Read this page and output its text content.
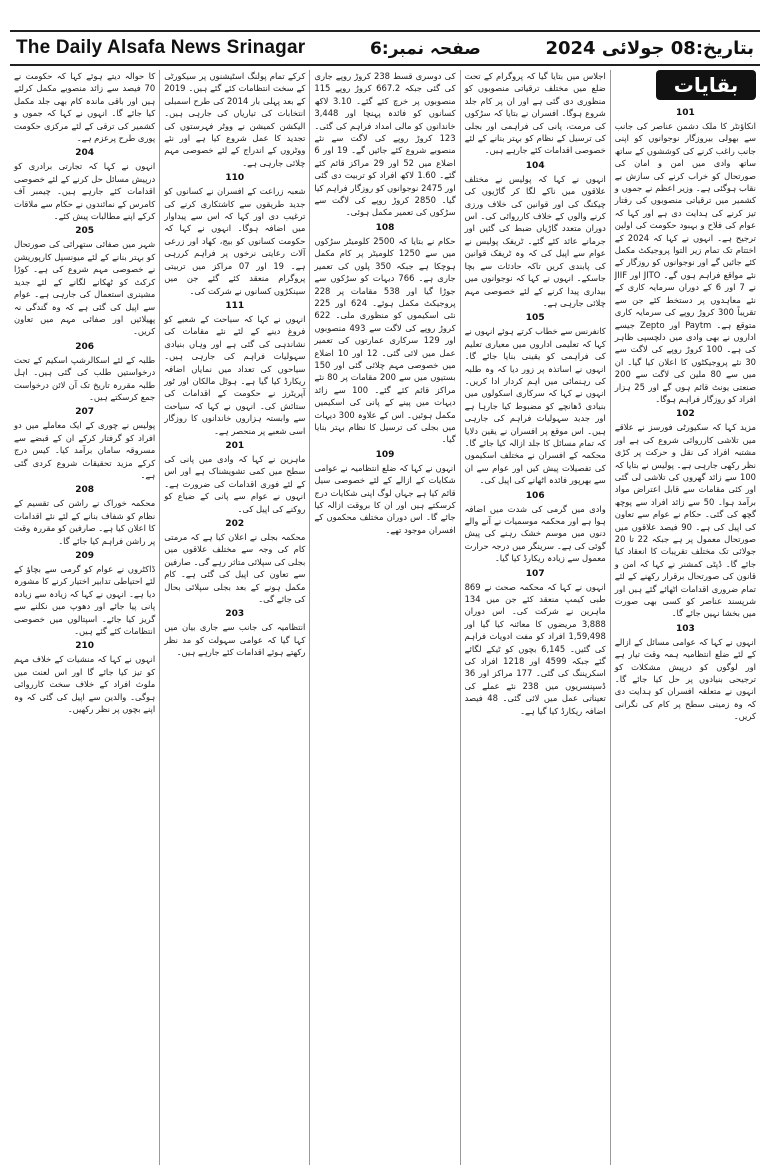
The Daily Alsafa News Srinagar	صفحہ نمبر:6	بتاریخ:08 جولائی 2024
101

انکاؤنٹر کا ملک دشمن عناصر کی جانب سے بھولی بیروزگار نوجوانوں کو اپنی جانب راغب کرنے کی کوششوں کے ساتھ ساتھ وادی میں امن و امان کی صورتحال کو خراب کرنے کی سازش بے نقاب ہوگئی ہے۔ وزیر اعظم نے جموں و کشمیر میں ترقیاتی منصوبوں کی رفتار تیز کرنے کی ہدایت دی ہے اور کہا کہ عوام کی فلاح و بہبود حکومت کی اولین ترجیح ہے۔ انہوں نے کہا کہ 2024 کے اختتام تک تمام زیر التوا پروجیکٹ مکمل کئے جائیں گے اور نوجوانوں کو روزگار کے نئے مواقع فراہم ہوں گے۔ JITO اور JIIF نے 7 اور 6 کے دوران سرمایہ کاری کے نئے معاہدوں پر دستخط کئے جن سے تقریباً 300 کروڑ روپے کی سرمایہ کاری متوقع ہے۔ Paytm اور Zepto جیسے اداروں نے بھی وادی میں دلچسپی ظاہر کی ہے۔ 100 کروڑ روپے کی لاگت سے 30 نئے پروجیکٹوں کا اعلان کیا گیا۔ ان میں سے 80 ملین کی لاگت سے 200 صنعتی یونٹ قائم ہوں گے اور 25 ہزار افراد کو روزگار فراہم ہوگا۔

102

مزید کہا کہ سکیورٹی فورسز نے علاقے میں تلاشی کارروائی شروع کی ہے اور مشتبہ افراد کی نقل و حرکت پر کڑی نظر رکھی جارہی ہے۔ پولیس نے بتایا کہ 100 سے زائد گھروں کی تلاشی لی گئی اور کئی مقامات سے قابل اعتراض مواد برآمد ہوا۔ 50 سے زائد افراد سے پوچھ گچھ کی گئی۔ حکام نے عوام سے تعاون کی اپیل کی ہے۔ 90 فیصد علاقوں میں صورتحال معمول پر ہے جبکہ 22 تا 20 جولائی تک مختلف تقریبات کا انعقاد کیا جائے گا۔ ڈپٹی کمشنر نے کہا کہ امن و قانون کی صورتحال برقرار رکھنے کے لئے تمام ضروری اقدامات اٹھائے گئے ہیں اور شرپسند عناصر کو کسی بھی صورت میں بخشا نہیں جائے گا۔

103

انہوں نے کہا کہ عوامی مسائل کے ازالے کے لئے ضلع انتظامیہ ہمہ وقت تیار ہے اور لوگوں کو درپیش مشکلات کو ترجیحی بنیادوں پر حل کیا جائے گا۔ انہوں نے متعلقہ افسران کو ہدایت دی کہ وہ زمینی سطح پر کام کی نگرانی کریں۔

اجلاس میں بتایا گیا کہ پروگرام کے تحت ضلع میں مختلف ترقیاتی منصوبوں کو منظوری دی گئی ہے اور ان پر کام جلد شروع ہوگا۔ افسران نے بتایا کہ سڑکوں کی مرمت، پانی کی فراہمی اور بجلی کی ترسیل کے نظام کو بہتر بنانے کے لئے خصوصی اقدامات کئے جارہے ہیں۔

104

انہوں نے کہا کہ پولیس نے مختلف علاقوں میں ناکے لگا کر گاڑیوں کی چیکنگ کی اور قوانین کی خلاف ورزی کرنے والوں کے خلاف کارروائی کی۔ اس دوران متعدد گاڑیاں ضبط کی گئیں اور جرمانے عائد کئے گئے۔ ٹریفک پولیس نے عوام سے اپیل کی کہ وہ ٹریفک قوانین کی پابندی کریں تاکہ حادثات سے بچا جاسکے۔ انہوں نے کہا کہ نوجوانوں میں بیداری پیدا کرنے کے لئے خصوصی مہم چلائی جارہی ہے۔

105

کانفرنس سے خطاب کرتے ہوئے انہوں نے کہا کہ تعلیمی اداروں میں معیاری تعلیم کی فراہمی کو یقینی بنایا جائے گا۔ انہوں نے اساتذہ پر زور دیا کہ وہ طلبہ کی رہنمائی میں اہم کردار ادا کریں۔ انہوں نے کہا کہ سرکاری اسکولوں میں بنیادی ڈھانچے کو مضبوط کیا جارہا ہے اور جدید سہولیات فراہم کی جارہی ہیں۔ اس موقع پر افسران نے یقین دلایا کہ تمام مسائل کا جلد ازالہ کیا جائے گا۔ محکمہ کے افسران نے مختلف اسکیموں کی تفصیلات پیش کیں اور عوام سے ان سے بھرپور فائدہ اٹھانے کی اپیل کی۔

106

وادی میں گرمی کی شدت میں اضافہ ہوا ہے اور محکمہ موسمیات نے آنے والے دنوں میں موسم خشک رہنے کی پیش گوئی کی ہے۔ سرینگر میں درجہ حرارت معمول سے زیادہ ریکارڈ کیا گیا۔

107

انہوں نے کہا کہ محکمہ صحت نے 869 طبی کیمپ منعقد کئے جن میں 134 ماہرین نے شرکت کی۔ اس دوران 3,888 مریضوں کا معائنہ کیا گیا اور 1,59,498 افراد کو مفت ادویات فراہم کی گئیں۔ 6,145 بچوں کو ٹیکے لگائے گئے جبکہ 4599 اور 1218 افراد کی اسکریننگ کی گئی۔ 177 مراکز اور 36 ڈسپنسریوں میں 238 نئے عملے کی تعیناتی عمل میں لائی گئی۔ 48 فیصد اضافہ ریکارڈ کیا گیا ہے۔

کی دوسری قسط 238 کروڑ روپے جاری کی گئی جبکہ 667.2 کروڑ روپے 115 منصوبوں پر خرچ کئے گئے۔ 3.10 لاکھ کسانوں کو فائدہ پہنچا اور 3,448 خاندانوں کو مالی امداد فراہم کی گئی۔ 123 کروڑ روپے کی لاگت سے نئے منصوبے شروع کئے جائیں گے۔ 19 اور 6 اضلاع میں 52 اور 29 مراکز قائم کئے گئے۔ 1.60 لاکھ افراد کو تربیت دی گئی اور 2475 نوجوانوں کو روزگار فراہم کیا گیا۔ 2850 کروڑ روپے کی لاگت سے سڑکوں کی تعمیر مکمل ہوئی۔

108

حکام نے بتایا کہ 2500 کلومیٹر سڑکوں میں سے 1250 کلومیٹر پر کام مکمل ہوچکا ہے جبکہ 350 پلوں کی تعمیر جاری ہے۔ 766 دیہات کو سڑکوں سے جوڑا گیا اور 538 مقامات پر 228 پروجیکٹ مکمل ہوئے۔ 624 اور 225 نئی اسکیموں کو منظوری ملی۔ 622 کروڑ روپے کی لاگت سے 493 منصوبوں اور 129 سرکاری عمارتوں کی تعمیر عمل میں لائی گئی۔ 12 اور 10 اضلاع میں خصوصی مہم چلائی گئی اور 150 بستیوں میں سے 200 مقامات پر 80 نئے مراکز قائم کئے گئے۔ 100 سے زائد دیہات میں پینے کے پانی کی اسکیمیں مکمل ہوئیں۔ اس کے علاوہ 300 دیہات میں بجلی کی ترسیل کا نظام بہتر بنایا گیا۔

109

انہوں نے کہا کہ ضلع انتظامیہ نے عوامی شکایات کے ازالے کے لئے خصوصی سیل قائم کیا ہے جہاں لوگ اپنی شکایات درج کرسکتے ہیں اور ان کا بروقت ازالہ کیا جائے گا۔ اس دوران مختلف محکموں کے افسران موجود تھے۔

کرکے تمام پولنگ اسٹیشنوں پر سیکورٹی کے سخت انتظامات کئے گئے ہیں۔ 2019 کے بعد پہلی بار 2014 کی طرح اسمبلی انتخابات کی تیاریاں کی جارہی ہیں۔ الیکشن کمیشن نے ووٹر فہرستوں کی تجدید کا عمل شروع کیا ہے اور نئے ووٹروں کے اندراج کے لئے خصوصی مہم چلائی جارہی ہے۔

110

شعبہ زراعت کے افسران نے کسانوں کو جدید طریقوں سے کاشتکاری کرنے کی ترغیب دی اور کہا کہ اس سے پیداوار میں اضافہ ہوگا۔ انہوں نے کہا کہ حکومت کسانوں کو بیج، کھاد اور زرعی آلات رعایتی نرخوں پر فراہم کررہی ہے۔ 19 اور 07 مراکز میں تربیتی پروگرام منعقد کئے گئے جن میں سینکڑوں کسانوں نے شرکت کی۔

111

انہوں نے کہا کہ سیاحت کے شعبے کو فروغ دینے کے لئے نئے مقامات کی نشاندہی کی گئی ہے اور وہاں بنیادی سہولیات فراہم کی جارہی ہیں۔ سیاحوں کی تعداد میں نمایاں اضافہ ریکارڈ کیا گیا ہے۔ ہوٹل مالکان اور ٹور آپریٹرز نے حکومت کے اقدامات کی ستائش کی۔ انہوں نے کہا کہ سیاحت سے وابستہ ہزاروں خاندانوں کا روزگار اسی شعبے پر منحصر ہے۔

201

ماہرین نے کہا کہ وادی میں پانی کی سطح میں کمی تشویشناک ہے اور اس کے لئے فوری اقدامات کی ضرورت ہے۔ انہوں نے عوام سے پانی کے ضیاع کو روکنے کی اپیل کی۔

202

محکمہ بجلی نے اعلان کیا ہے کہ مرمتی کام کی وجہ سے مختلف علاقوں میں بجلی کی سپلائی متاثر رہے گی۔ صارفین سے تعاون کی اپیل کی گئی ہے۔ کام مکمل ہونے کے بعد بجلی سپلائی بحال کی جائے گی۔

203

انتظامیہ کی جانب سے جاری بیان میں کہا گیا کہ عوامی سہولت کو مد نظر رکھتے ہوئے اقدامات کئے جارہے ہیں۔

کا حوالہ دیتے ہوئے کہا کہ حکومت نے 70 فیصد سے زائد منصوبے مکمل کرلئے ہیں اور باقی ماندہ کام بھی جلد مکمل کیا جائے گا۔ انہوں نے کہا کہ جموں و کشمیر کی ترقی کے لئے مرکزی حکومت پوری طرح پرعزم ہے۔

204

انہوں نے کہا کہ تجارتی برادری کو درپیش مسائل حل کرنے کے لئے خصوصی اقدامات کئے جارہے ہیں۔ چیمبر آف کامرس کے نمائندوں نے حکام سے ملاقات کرکے اپنے مطالبات پیش کئے۔

205

شہر میں صفائی ستھرائی کی صورتحال کو بہتر بنانے کے لئے میونسپل کارپوریشن نے خصوصی مہم شروع کی ہے۔ کوڑا کرکٹ کو ٹھکانے لگانے کے لئے جدید مشینری استعمال کی جارہی ہے۔ عوام سے اپیل کی گئی ہے کہ وہ گندگی نہ پھیلائیں اور صفائی مہم میں تعاون کریں۔

206

طلبہ کے لئے اسکالرشپ اسکیم کے تحت درخواستیں طلب کی گئی ہیں۔ اہل طلبہ مقررہ تاریخ تک آن لائن درخواست جمع کرسکتے ہیں۔

207

پولیس نے چوری کے ایک معاملے میں دو افراد کو گرفتار کرکے ان کے قبضے سے مسروقہ سامان برآمد کیا۔ کیس درج کرکے مزید تحقیقات شروع کردی گئی ہے۔

208

محکمہ خوراک نے راشن کی تقسیم کے نظام کو شفاف بنانے کے لئے نئے اقدامات کا اعلان کیا ہے۔ صارفین کو مقررہ وقت پر راشن فراہم کیا جائے گا۔

209

ڈاکٹروں نے عوام کو گرمی سے بچاؤ کے لئے احتیاطی تدابیر اختیار کرنے کا مشورہ دیا ہے۔ انہوں نے کہا کہ زیادہ سے زیادہ پانی پیا جائے اور دھوپ میں نکلنے سے گریز کیا جائے۔ اسپتالوں میں خصوصی انتظامات کئے گئے ہیں۔

210

انہوں نے کہا کہ منشیات کے خلاف مہم کو تیز کیا جائے گا اور اس لعنت میں ملوث افراد کے خلاف سخت کارروائی ہوگی۔ والدین سے اپیل کی گئی کہ وہ اپنے بچوں پر نظر رکھیں۔

بقایات
